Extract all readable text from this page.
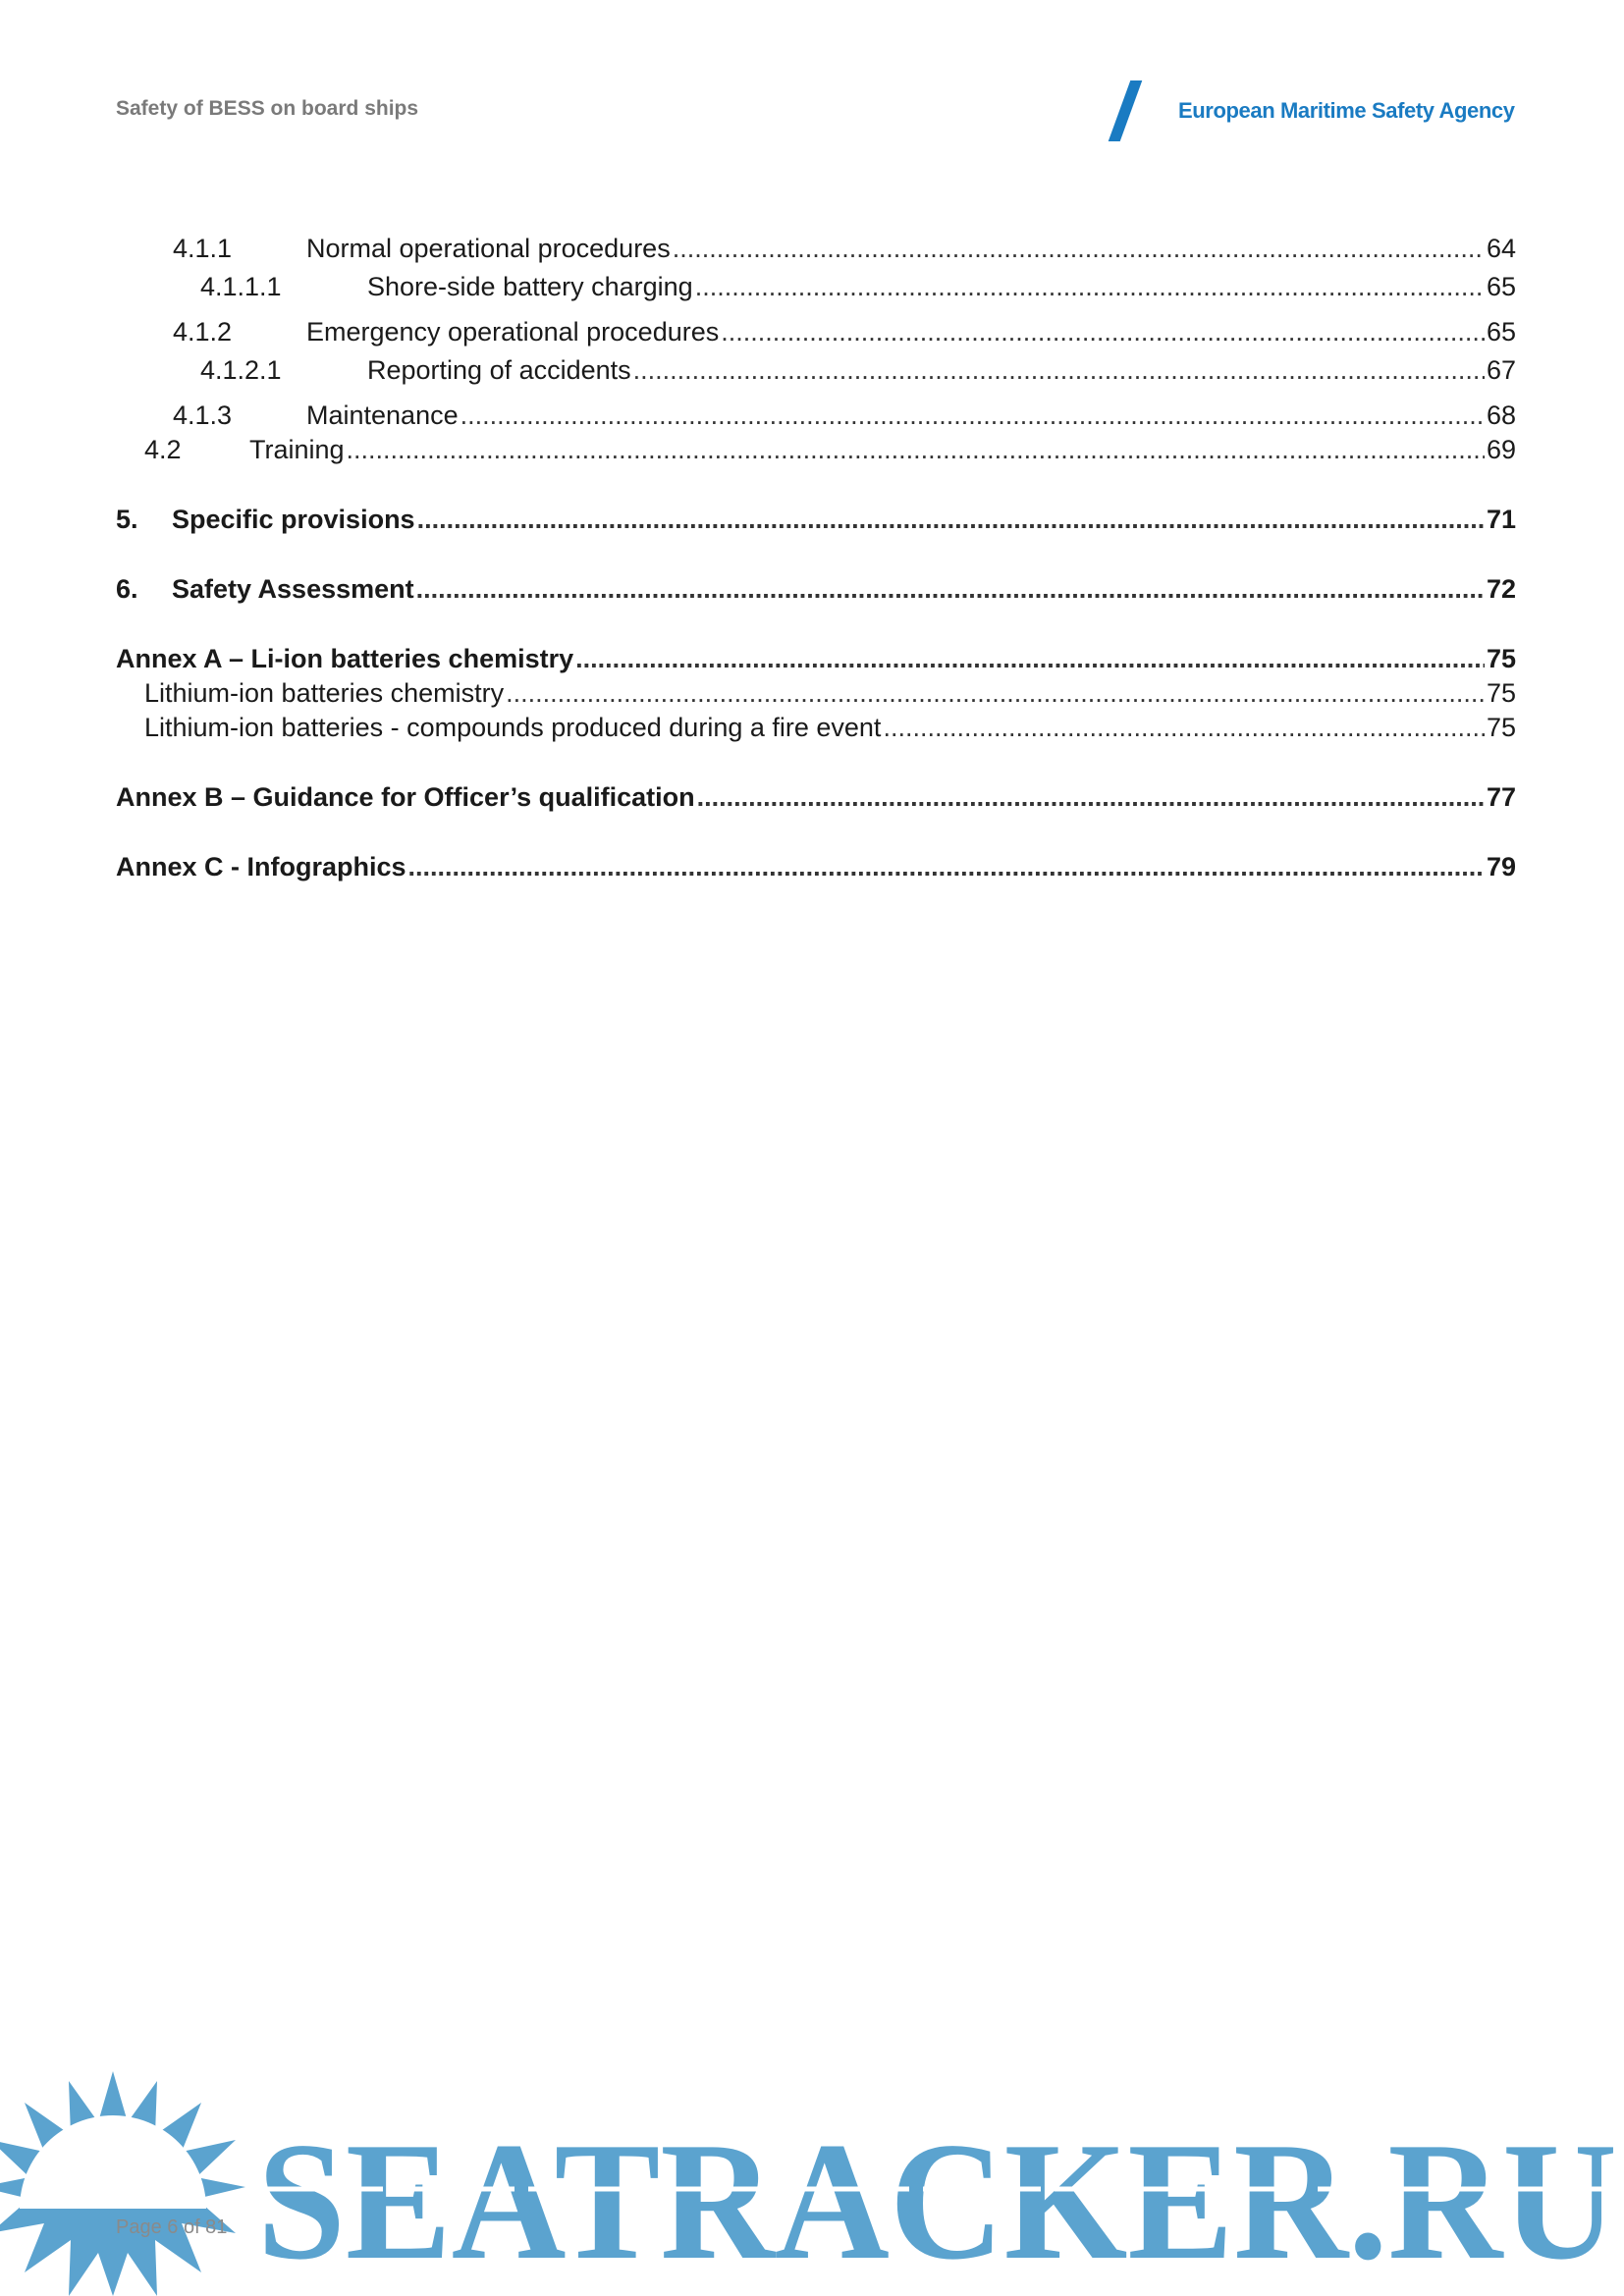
Safety of BESS on board ships	European Maritime Safety Agency
4.1.1	Normal operational procedures .....	64
4.1.1.1	Shore-side battery charging .....	65
4.1.2	Emergency operational procedures .....	65
4.1.2.1	Reporting of accidents .....	67
4.1.3	Maintenance .....	68
4.2	Training .....	69
5.	Specific provisions .....	71
6.	Safety Assessment .....	72
Annex A – Li-ion batteries chemistry .....	75
Lithium-ion batteries chemistry .....	75
Lithium-ion batteries - compounds produced during a fire event .....	75
Annex B – Guidance for Officer’s qualification .....	77
Annex C - Infographics .....	79
SEATRACKER.RU
Page 6 of 81
